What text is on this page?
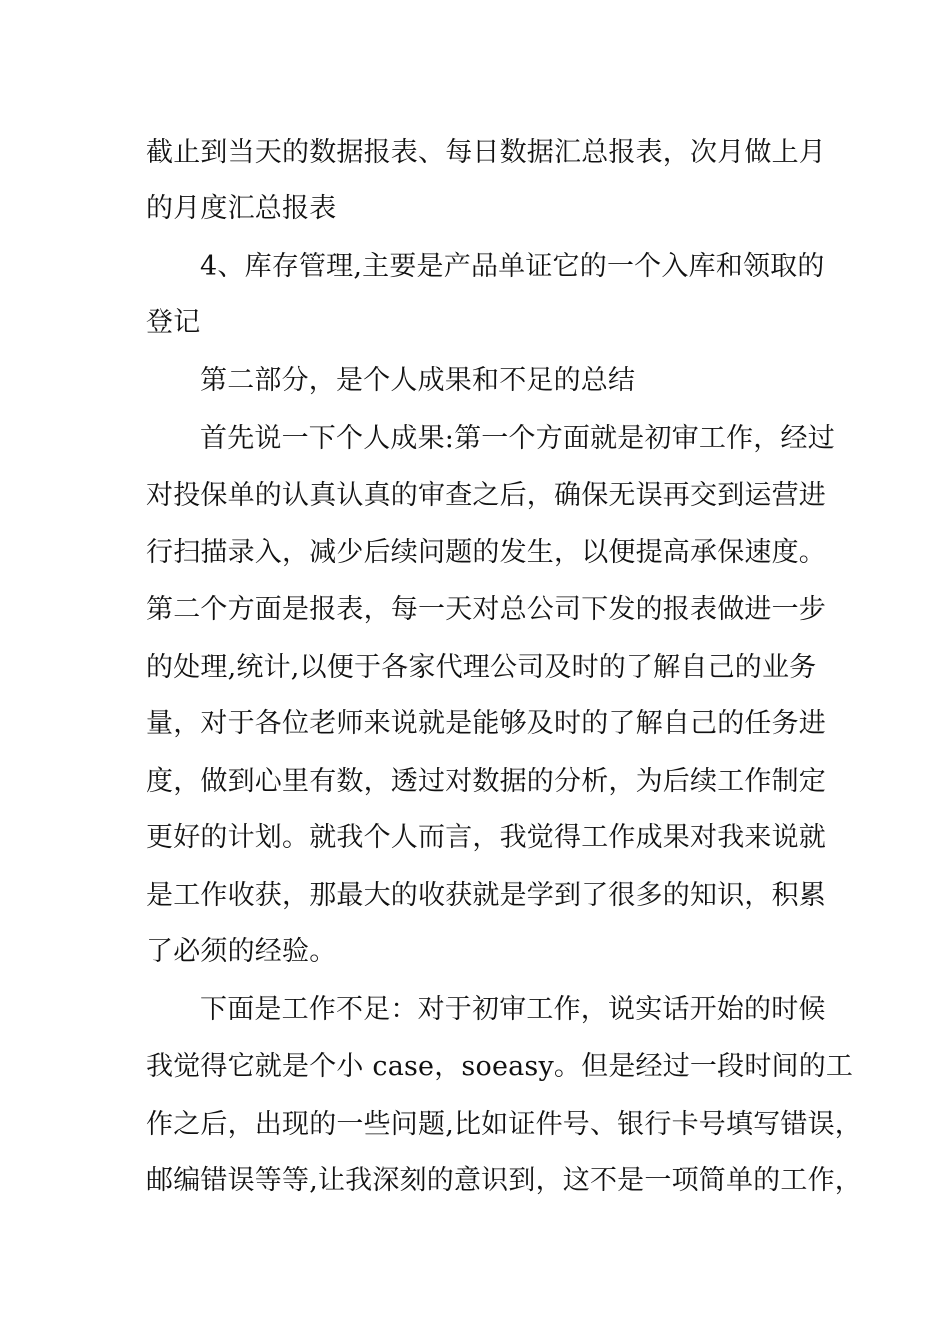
截止到当天的数据报表、每日数据汇总报表，次月做上月
的月度汇总报表
4、库存管理,主要是产品单证它的一个入库和领取的
登记
第二部分，是个人成果和不足的总结
首先说一下个人成果:第一个方面就是初审工作，经过
对投保单的认真认真的审查之后，确保无误再交到运营进
行扫描录入，减少后续问题的发生，以便提高承保速度。
第二个方面是报表，每一天对总公司下发的报表做进一步
的处理,统计,以便于各家代理公司及时的了解自己的业务
量，对于各位老师来说就是能够及时的了解自己的任务进
度，做到心里有数，透过对数据的分析，为后续工作制定
更好的计划。就我个人而言，我觉得工作成果对我来说就
是工作收获，那最大的收获就是学到了很多的知识，积累
了必须的经验。
下面是工作不足：对于初审工作，说实话开始的时候
我觉得它就是个小 case，soeasy。但是经过一段时间的工
作之后，出现的一些问题,比如证件号、银行卡号填写错误，
邮编错误等等,让我深刻的意识到，这不是一项简单的工作，
